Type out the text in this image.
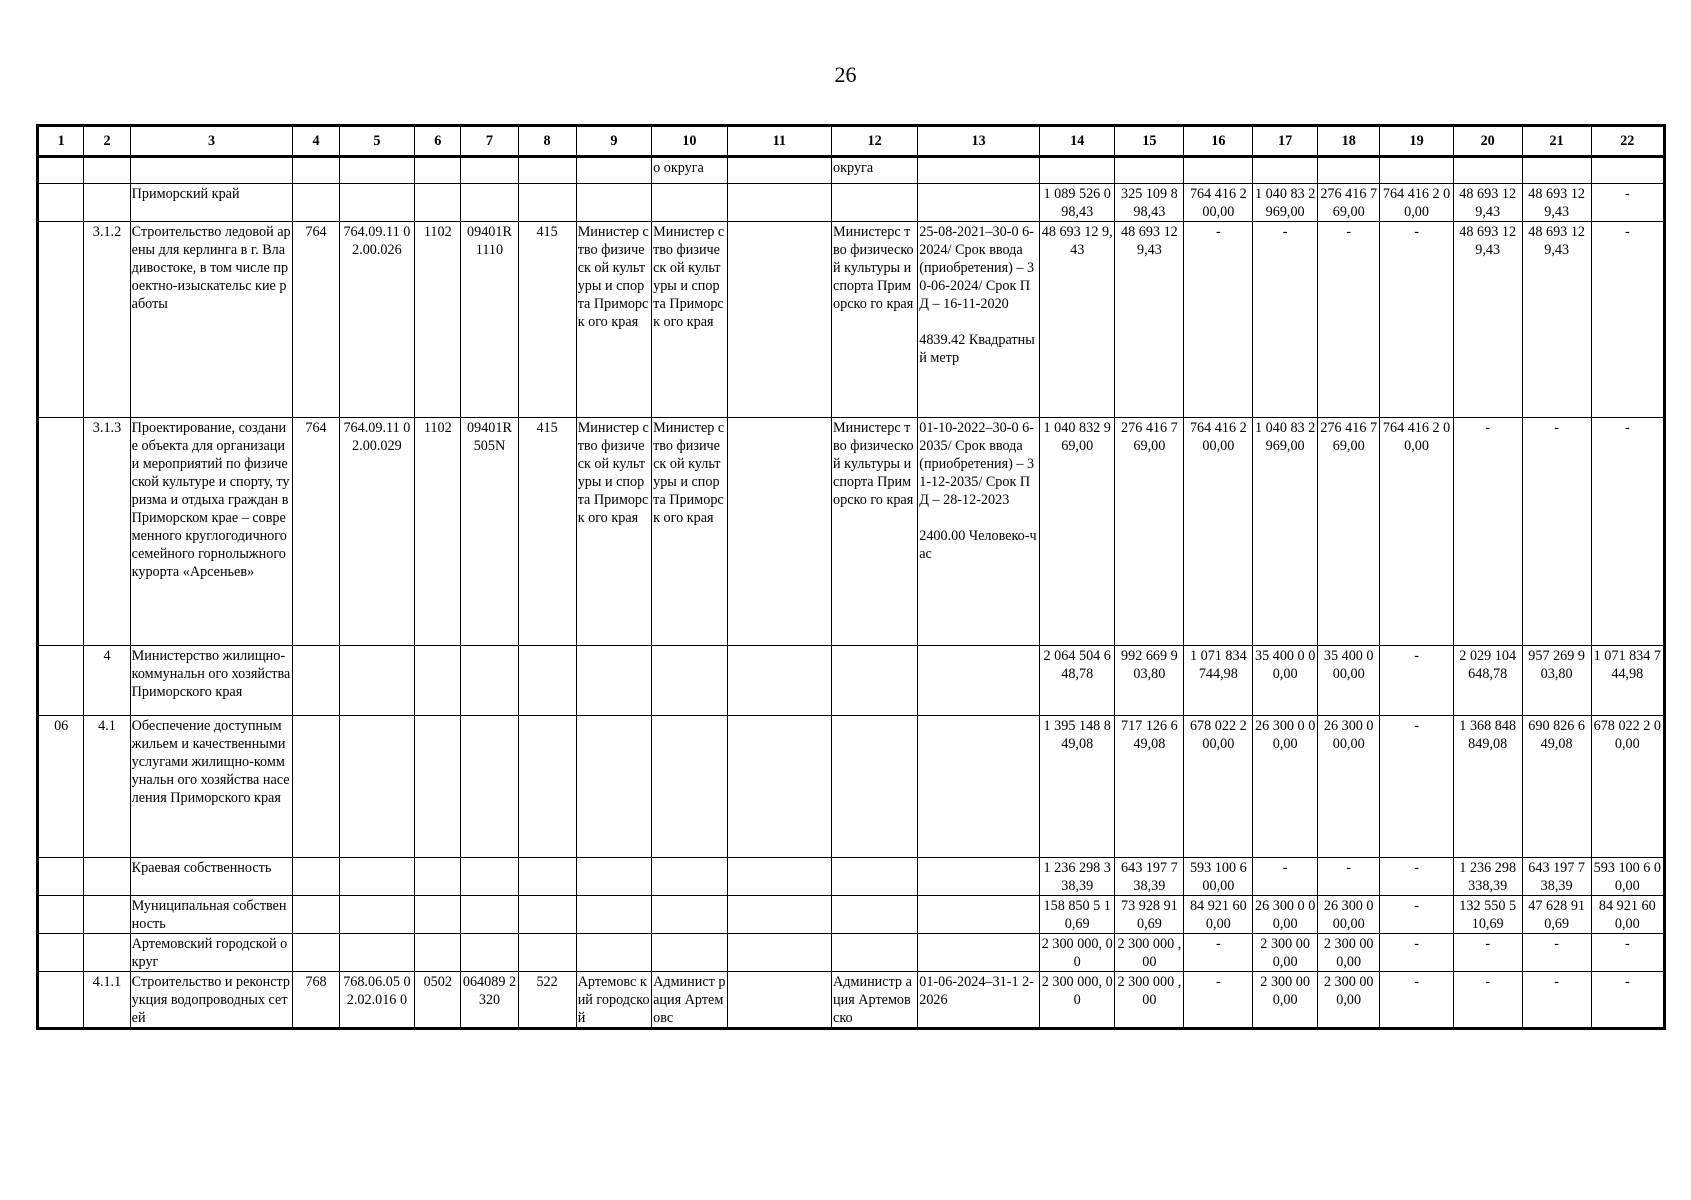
26
1	2	3	4	5	6	7	8	9	10	11	12	13	14	15	16	17	18	19	20	21	22
									о округа		округа										
		Приморский край											1 089 526 098,43	325 109 8 98,43	764 416 2 00,00	1 040 83 2 969,00	276 416 769,00	764 416 2 00,00	48 693 12 9,43	48 693 12 9,43	-
	3.1.2	Строительство ледовой арены для керлинга в г. Владивостоке, в том числе проектно-изыскательс кие работы	764	764.09.11 02.00.026	1102	09401R 1110	415	Министер ство физическ ой культуры и спорта Приморск ого края	Министер ство физическ ой культуры и спорта Приморск ого края		Министерс тво физической культуры и спорта Приморско го края	25-08-2021–30-0 6-2024/ Срок ввода (приобретения) – 30-06-2024/ Срок ПД – 16-11-2020

4839.42 Квадратный метр	48 693 12 9,43	48 693 12 9,43	-	-	-	-	48 693 12 9,43	48 693 12 9,43	-
	3.1.3	Проектирование, создание объекта для организации мероприятий по физической культуре и спорту, туризма и отдыха граждан в Приморском крае – современного круглогодичного семейного горнолыжного курорта «Арсеньев»	764	764.09.11 02.00.029	1102	09401R 505N	415	Министер ство физическ ой культуры и спорта Приморск ого края	Министер ство физическ ой культуры и спорта Приморск ого края		Министерс тво физической культуры и спорта Приморско го края	01-10-2022–30-0 6-2035/ Срок ввода (приобретения) – 31-12-2035/ Срок ПД – 28-12-2023

2400.00 Человеко-час	1 040 832 969,00	276 416 7 69,00	764 416 2 00,00	1 040 83 2 969,00	276 416 769,00	764 416 2 00,00	-	-	-
	4	Министерство жилищно-коммунальн ого хозяйства Приморского края											2 064 504 648,78	992 669 9 03,80	1 071 834 744,98	35 400 0 00,00	35 400 0 00,00	-	2 029 104 648,78	957 269 9 03,80	1 071 834 744,98
06	4.1	Обеспечение доступным жильем и качественными услугами жилищно-коммунальн ого хозяйства населения Приморского края											1 395 148 849,08	717 126 6 49,08	678 022 2 00,00	26 300 0 00,00	26 300 0 00,00	-	1 368 848 849,08	690 826 6 49,08	678 022 2 00,00
		Краевая собственность											1 236 298 338,39	643 197 7 38,39	593 100 6 00,00	-	-	-	1 236 298 338,39	643 197 7 38,39	593 100 6 00,00
		Муниципальная собственность											158 850 5 10,69	73 928 91 0,69	84 921 60 0,00	26 300 0 00,00	26 300 0 00,00	-	132 550 5 10,69	47 628 91 0,69	84 921 60 0,00
		Артемовский городской округ											2 300 000, 00	2 300 000 ,00	-	2 300 00 0,00	2 300 00 0,00	-	-	-	-
	4.1.1	Строительство и реконструкция водопроводных сетей	768	768.06.05 02.02.016 0	0502	064089 2320	522	Артемовс кий городской	Админист рация Артемовс		Администр ация Артемовско	01-06-2024–31-1 2-2026	2 300 000, 00	2 300 000 ,00	-	2 300 00 0,00	2 300 00 0,00	-	-	-	-
